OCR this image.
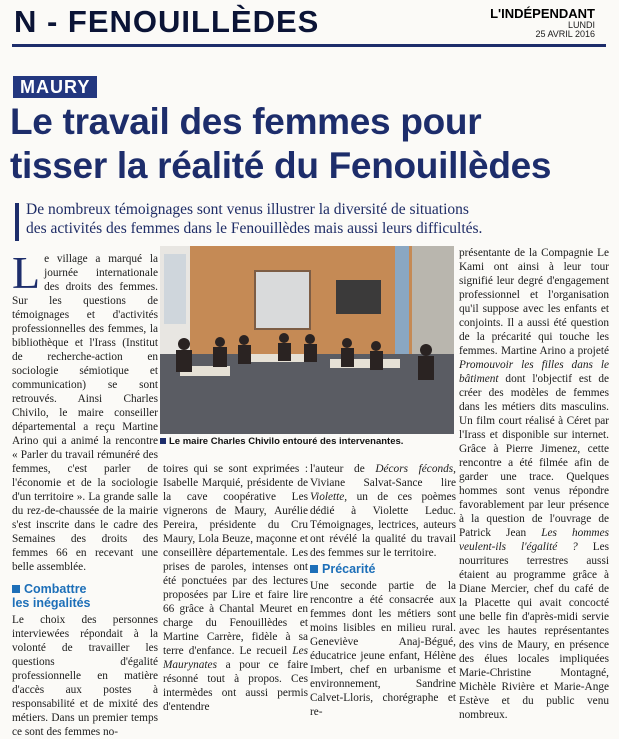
N - FENOUILLÈDES	L'INDÉPENDANT
LUNDI
25 AVRIL 2016
MAURY
Le travail des femmes pour
tisser la réalité du Fenouillèdes
De nombreux témoignages sont venus illustrer la diversité de situations
des activités des femmes dans le Fenouillèdes mais aussi leurs difficultés.
L e village a marqué la journée internationale des droits des femmes. Sur les questions de témoignages et d'activités professionnelles des femmes, la bibliothèque et l'Irass (Institut de recherche-action en sociologie sémiotique et communication) se sont retrouvés. Ainsi Charles Chivilo, le maire conseiller départemental a reçu Martine Arino qui a animé la rencontre « Parler du travail rémunéré des femmes, c'est parler de l'économie et de la sociologie d'un territoire ». La grande salle du rez-de-chaussée de la mairie s'est inscrite dans le cadre des Semaines des droits des femmes 66 en recevant une belle assemblée.
Combattre
les inégalités
Le choix des personnes interviewées répondait à la volonté de travailler les questions d'égalité professionnelle en matière d'accès aux postes à responsabilité et de mixité des métiers. Dans un premier temps ce sont des femmes no-
Le maire Charles Chivilo entouré des intervenantes.
toires qui se sont exprimées : Isabelle Marquié, présidente de la cave coopérative Les vignerons de Maury, Aurélie Pereira, présidente du Cru Maury, Lola Beuze, maçonne et conseillère départementale. Les prises de paroles, intenses ont été ponctuées par des lectures proposées par Lire et faire lire 66 grâce à Chantal Meuret en charge du Fenouillèdes et Martine Carrère, fidèle à sa terre d'enfance. Le recueil Les Maurynates a pour ce faire résonné tout à propos. Ces intermèdes ont aussi permis d'entendre
l'auteur de Décors féconds, Viviane Salvat-Sance lire Violette, un de ces poèmes dédié à Violette Leduc. Témoignages, lectrices, auteurs ont révélé la qualité du travail des femmes sur le territoire.
Précarité
Une seconde partie de la rencontre a été consacrée aux femmes dont les métiers sont moins lisibles en milieu rural. Geneviève Anaj-Bégué, éducatrice jeune enfant, Hélène Imbert, chef en urbanisme et environnement, Sandrine Calvet-Lloris, chorégraphe et re-
présentante de la Compagnie Le Kami ont ainsi à leur tour signifié leur degré d'engagement professionnel et l'organisation qu'il suppose avec les enfants et conjoints. Il a aussi été question de la précarité qui touche les femmes. Martine Arino a projeté Promouvoir les filles dans le bâtiment dont l'objectif est de créer des modèles de femmes dans les métiers dits masculins. Un film court réalisé à Céret par l'Irass et disponible sur internet. Grâce à Pierre Jimenez, cette rencontre a été filmée afin de garder une trace. Quelques hommes sont venus répondre favorablement par leur présence à la question de l'ouvrage de Patrick Jean Les hommes veulent-ils l'égalité ? Les nourritures terrestres aussi étaient au programme grâce à Diane Mercier, chef du café de la Placette qui avait concocté une belle fin d'après-midi servie avec les hautes représentantes des vins de Maury, en présence des élues locales impliquées Marie-Christine Montagné, Michèle Rivière et Marie-Ange Estève et du public venu nombreux.
